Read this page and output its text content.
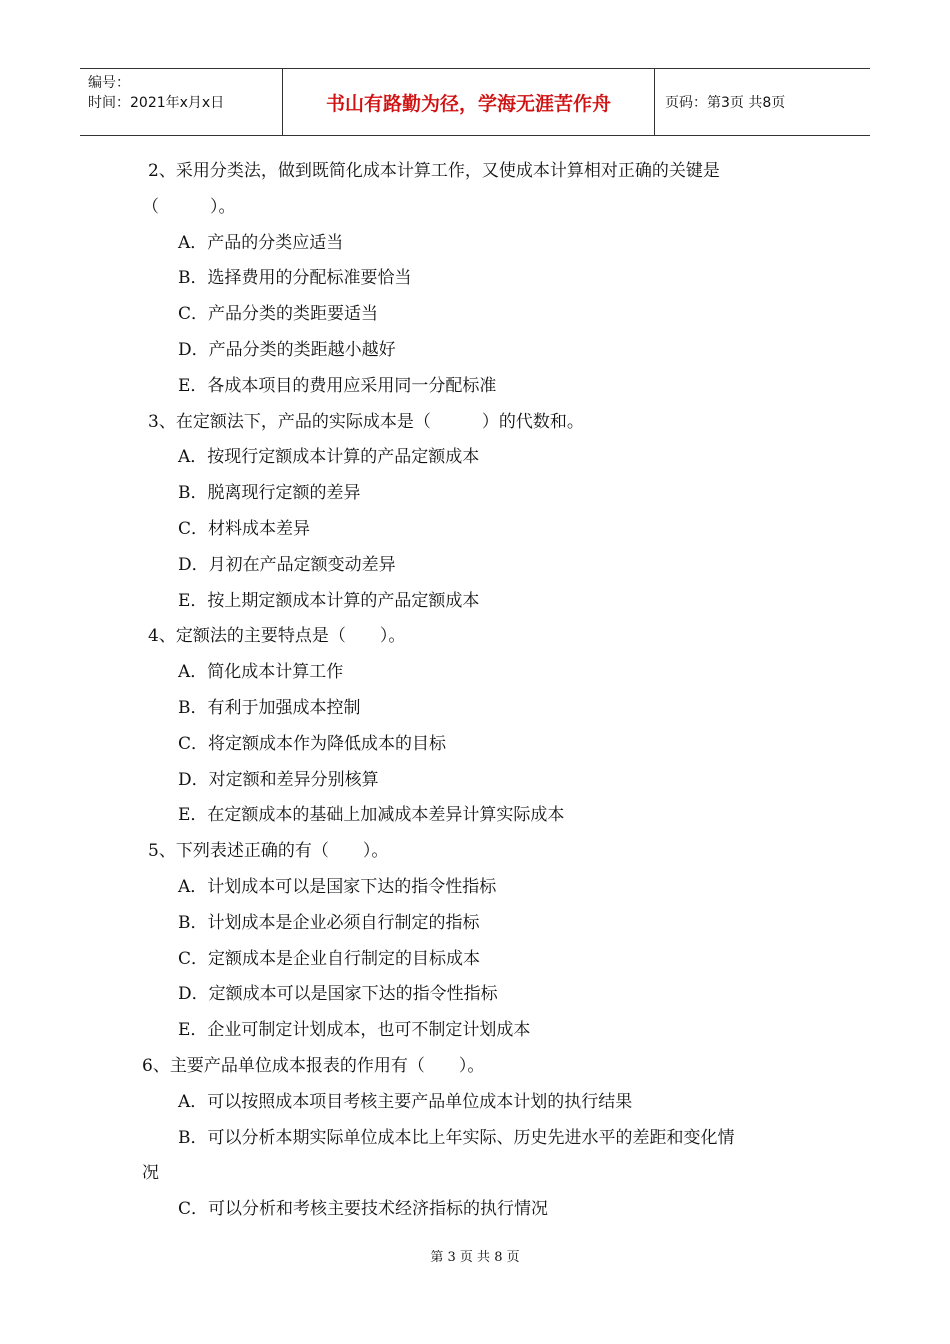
编号：
时间：2021年x月x日	书山有路勤为径，学海无涯苦作舟	页码：第3页 共8页

2、采用分类法，做到既简化成本计算工作，又使成本计算相对正确的关键是

（　　　）。

A．产品的分类应适当

B．选择费用的分配标准要恰当

C．产品分类的类距要适当

D．产品分类的类距越小越好

E．各成本项目的费用应采用同一分配标准

3、在定额法下，产品的实际成本是（　　　）的代数和。

A．按现行定额成本计算的产品定额成本

B．脱离现行定额的差异

C．材料成本差异

D．月初在产品定额变动差异

E．按上期定额成本计算的产品定额成本

4、定额法的主要特点是（　　）。

A．简化成本计算工作

B．有利于加强成本控制

C．将定额成本作为降低成本的目标

D．对定额和差异分别核算

E．在定额成本的基础上加减成本差异计算实际成本

5、下列表述正确的有（　　）。

A．计划成本可以是国家下达的指令性指标

B．计划成本是企业必须自行制定的指标

C．定额成本是企业自行制定的目标成本

D．定额成本可以是国家下达的指令性指标

E．企业可制定计划成本，也可不制定计划成本

6、主要产品单位成本报表的作用有（　　）。

A．可以按照成本项目考核主要产品单位成本计划的执行结果

B．可以分析本期实际单位成本比上年实际、历史先进水平的差距和变化情

况

C．可以分析和考核主要技术经济指标的执行情况

第 3 页 共 8 页
